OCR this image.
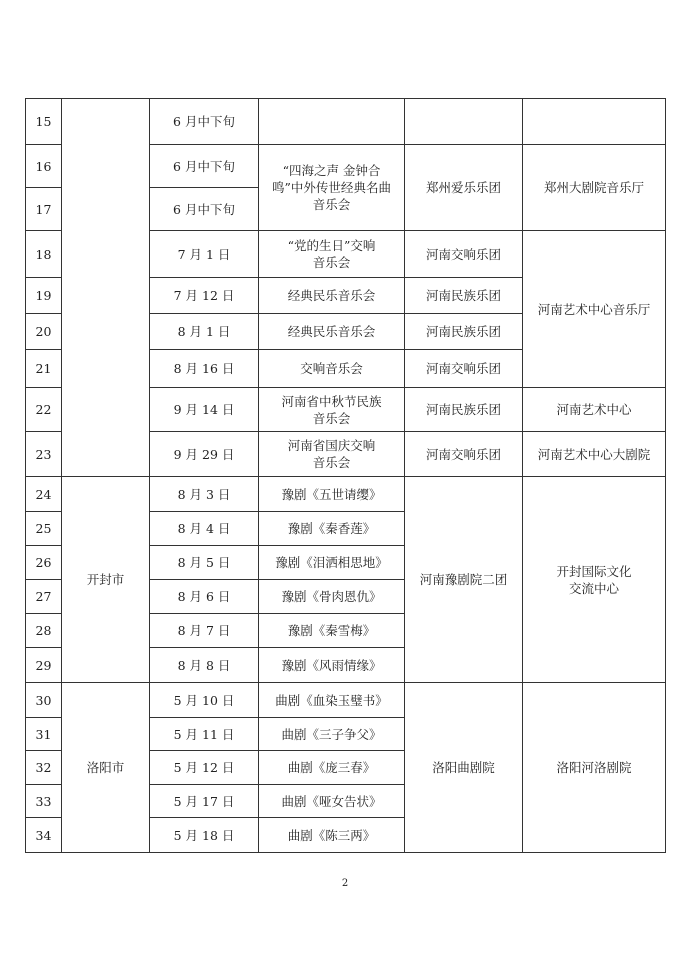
15		6 月中下旬			
16		6 月中下旬	“四海之声 金钟合
鸣”中外传世经典名曲
音乐会	郑州爱乐乐团	郑州大剧院音乐厅
17		6 月中下旬			
18		7 月 1 日	“党的生日”交响
音乐会	河南交响乐团	河南艺术中心音乐厅
19		7 月 12 日	经典民乐音乐会	河南民族乐团	
20		8 月 1 日	经典民乐音乐会	河南民族乐团	
21		8 月 16 日	交响音乐会	河南交响乐团	
22		9 月 14 日	河南省中秋节民族
音乐会	河南民族乐团	河南艺术中心
23		9 月 29 日	河南省国庆交响
音乐会	河南交响乐团	河南艺术中心大剧院
24	开封市	8 月 3 日	豫剧《五世请缨》	河南豫剧院二团	开封国际文化
交流中心

25		8 月 4 日	豫剧《秦香莲》		
26		8 月 5 日	豫剧《泪洒相思地》		
27		8 月 6 日	豫剧《骨肉恩仇》		
28		8 月 7 日	豫剧《秦雪梅》		
29		8 月 8 日	豫剧《风雨情缘》		
30	洛阳市	5 月 10 日	曲剧《血染玉璧书》	洛阳曲剧院	洛阳河洛剧院
31		5 月 11 日	曲剧《三子争父》		
32		5 月 12 日	曲剧《庞三春》		
33		5 月 17 日	曲剧《哑女告状》		
34		5 月 18 日	曲剧《陈三两》		
2
